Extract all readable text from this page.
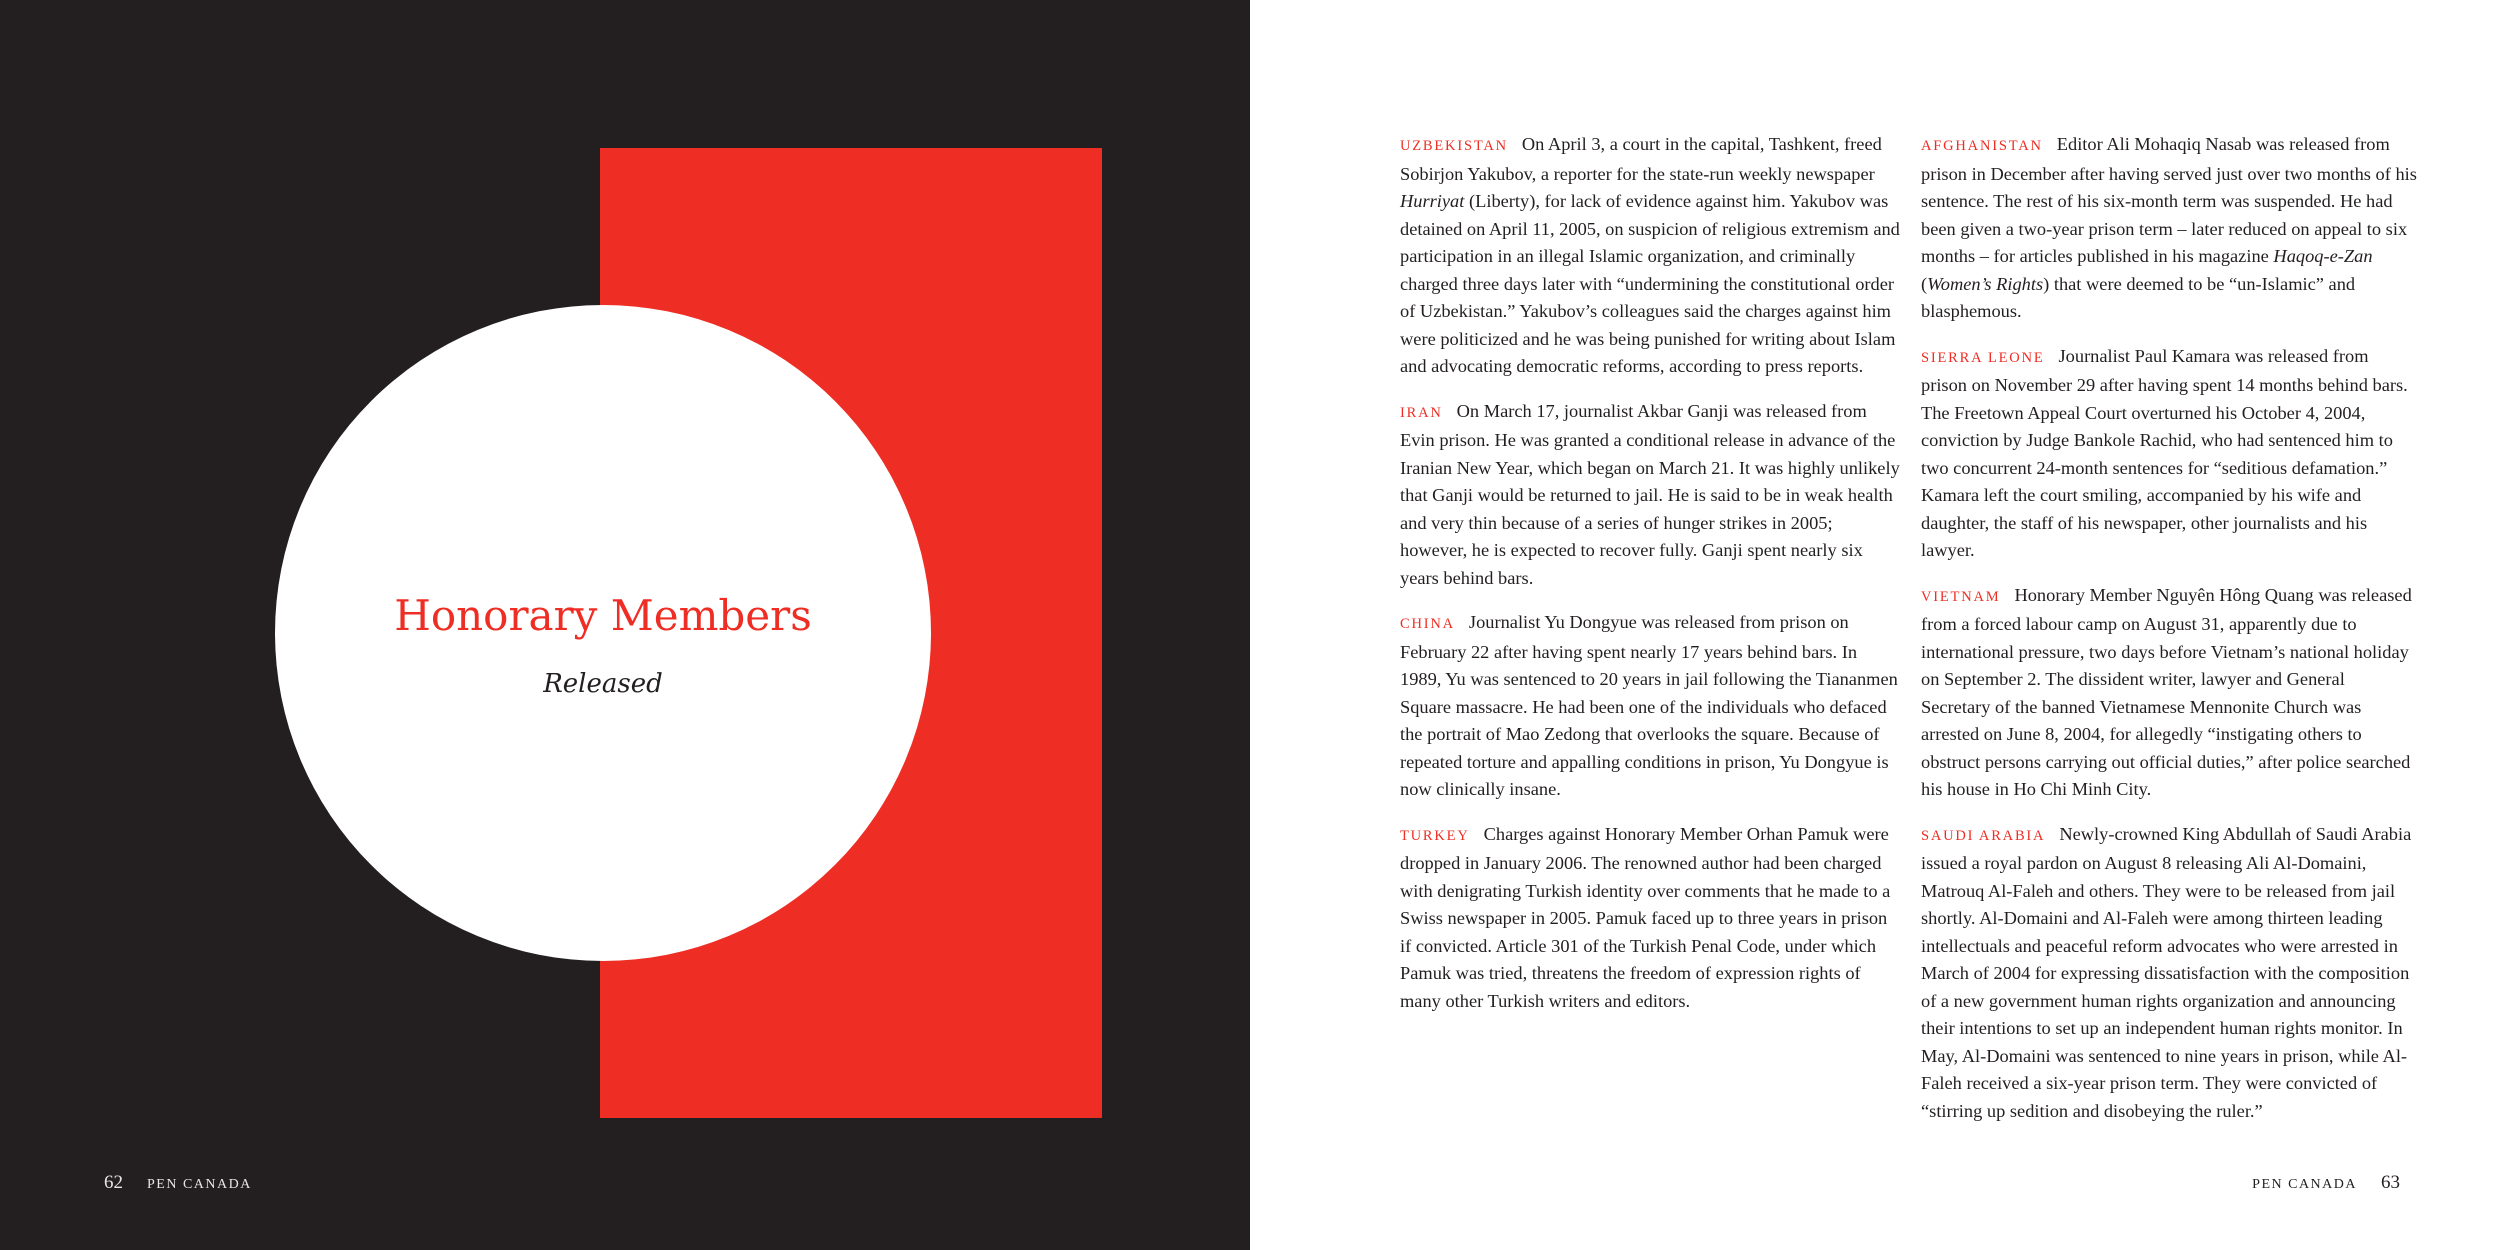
Honorary Members
Released
62 PEN CANADA

UZBEKISTAN On April 3, a court in the capital, Tashkent, freed Sobirjon Yakubov, a reporter for the state-run weekly newspaper Hurriyat (Liberty), for lack of evidence against him. Yakubov was detained on April 11, 2005, on suspicion of religious extremism and participation in an illegal Islamic organization, and criminally charged three days later with “undermining the constitutional order of Uzbekistan.” Yakubov’s colleagues said the charges against him were politicized and he was being punished for writing about Islam and advocating democratic reforms, according to press reports.

IRAN On March 17, journalist Akbar Ganji was released from Evin prison. He was granted a conditional release in advance of the Iranian New Year, which began on March 21. It was highly unlikely that Ganji would be returned to jail. He is said to be in weak health and very thin because of a series of hunger strikes in 2005; however, he is expected to recover fully. Ganji spent nearly six years behind bars.

CHINA Journalist Yu Dongyue was released from prison on February 22 after having spent nearly 17 years behind bars. In 1989, Yu was sentenced to 20 years in jail following the Tiananmen Square massacre. He had been one of the individuals who defaced the portrait of Mao Zedong that overlooks the square. Because of repeated torture and appalling conditions in prison, Yu Dongyue is now clinically insane.

TURKEY Charges against Honorary Member Orhan Pamuk were dropped in January 2006. The renowned author had been charged with denigrating Turkish identity over comments that he made to a Swiss newspaper in 2005. Pamuk faced up to three years in prison if convicted. Article 301 of the Turkish Penal Code, under which Pamuk was tried, threatens the freedom of expression rights of many other Turkish writers and editors.

AFGHANISTAN Editor Ali Mohaqiq Nasab was released from prison in December after having served just over two months of his sentence. The rest of his six-month term was suspended. He had been given a two-year prison term – later reduced on appeal to six months – for articles published in his magazine Haqoq-e-Zan (Women’s Rights) that were deemed to be “un-Islamic” and blasphemous.

SIERRA LEONE Journalist Paul Kamara was released from prison on November 29 after having spent 14 months behind bars. The Freetown Appeal Court overturned his October 4, 2004, conviction by Judge Bankole Rachid, who had sentenced him to two concurrent 24-month sentences for “seditious defamation.” Kamara left the court smiling, accompanied by his wife and daughter, the staff of his newspaper, other journalists and his lawyer.

VIETNAM Honorary Member Nguyên Hông Quang was released from a forced labour camp on August 31, apparently due to international pressure, two days before Vietnam’s national holiday on September 2. The dissident writer, lawyer and General Secretary of the banned Vietnamese Mennonite Church was arrested on June 8, 2004, for allegedly “instigating others to obstruct persons carrying out official duties,” after police searched his house in Ho Chi Minh City.

SAUDI ARABIA Newly-crowned King Abdullah of Saudi Arabia issued a royal pardon on August 8 releasing Ali Al-Domaini, Matrouq Al-Faleh and others. They were to be released from jail shortly. Al-Domaini and Al-Faleh were among thirteen leading intellectuals and peaceful reform advocates who were arrested in March of 2004 for expressing dissatisfaction with the composition of a new government human rights organization and announcing their intentions to set up an independent human rights monitor. In May, Al-Domaini was sentenced to nine years in prison, while Al-Faleh received a six-year prison term. They were convicted of “stirring up sedition and disobeying the ruler.”

PEN CANADA 63
